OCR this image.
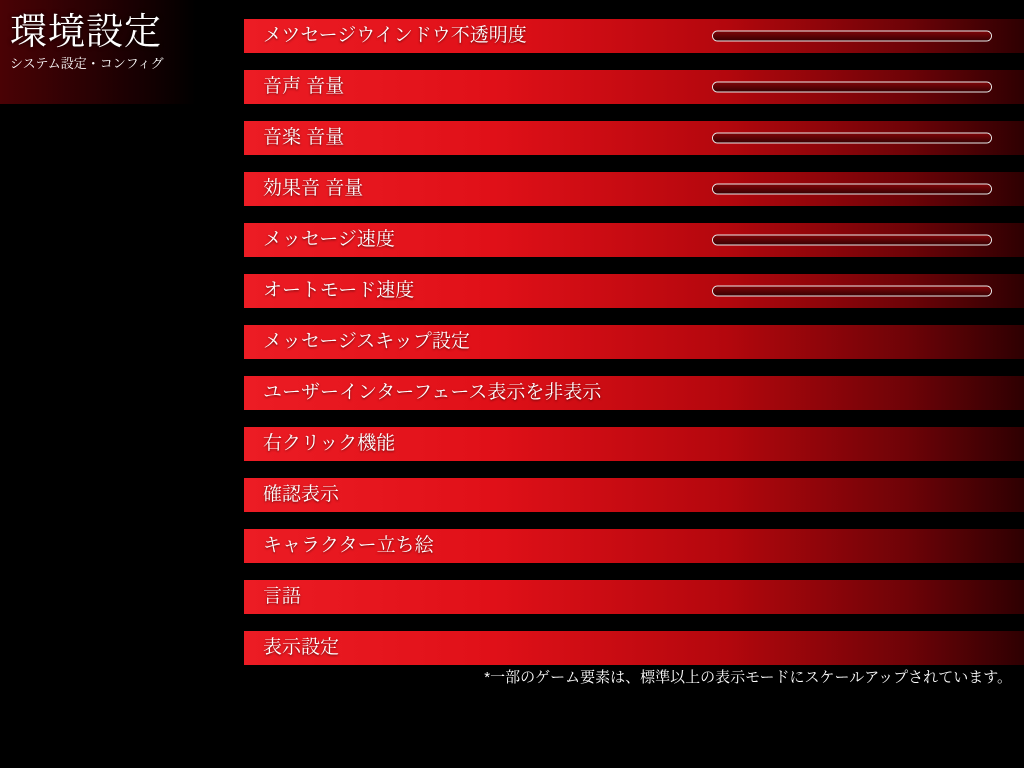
環境設定
システム設定・コンフィグ
メツセージウインドウ不透明度
音声 音量
音楽 音量
効果音 音量
メッセージ速度
オートモード速度
メッセージスキップ設定
ユーザーインターフェース表示を非表示
右クリック機能
確認表示
キャラクター立ち絵
言語
表示設定
*一部のゲーム要素は、標準以上の表示モードにスケールアップされています。
